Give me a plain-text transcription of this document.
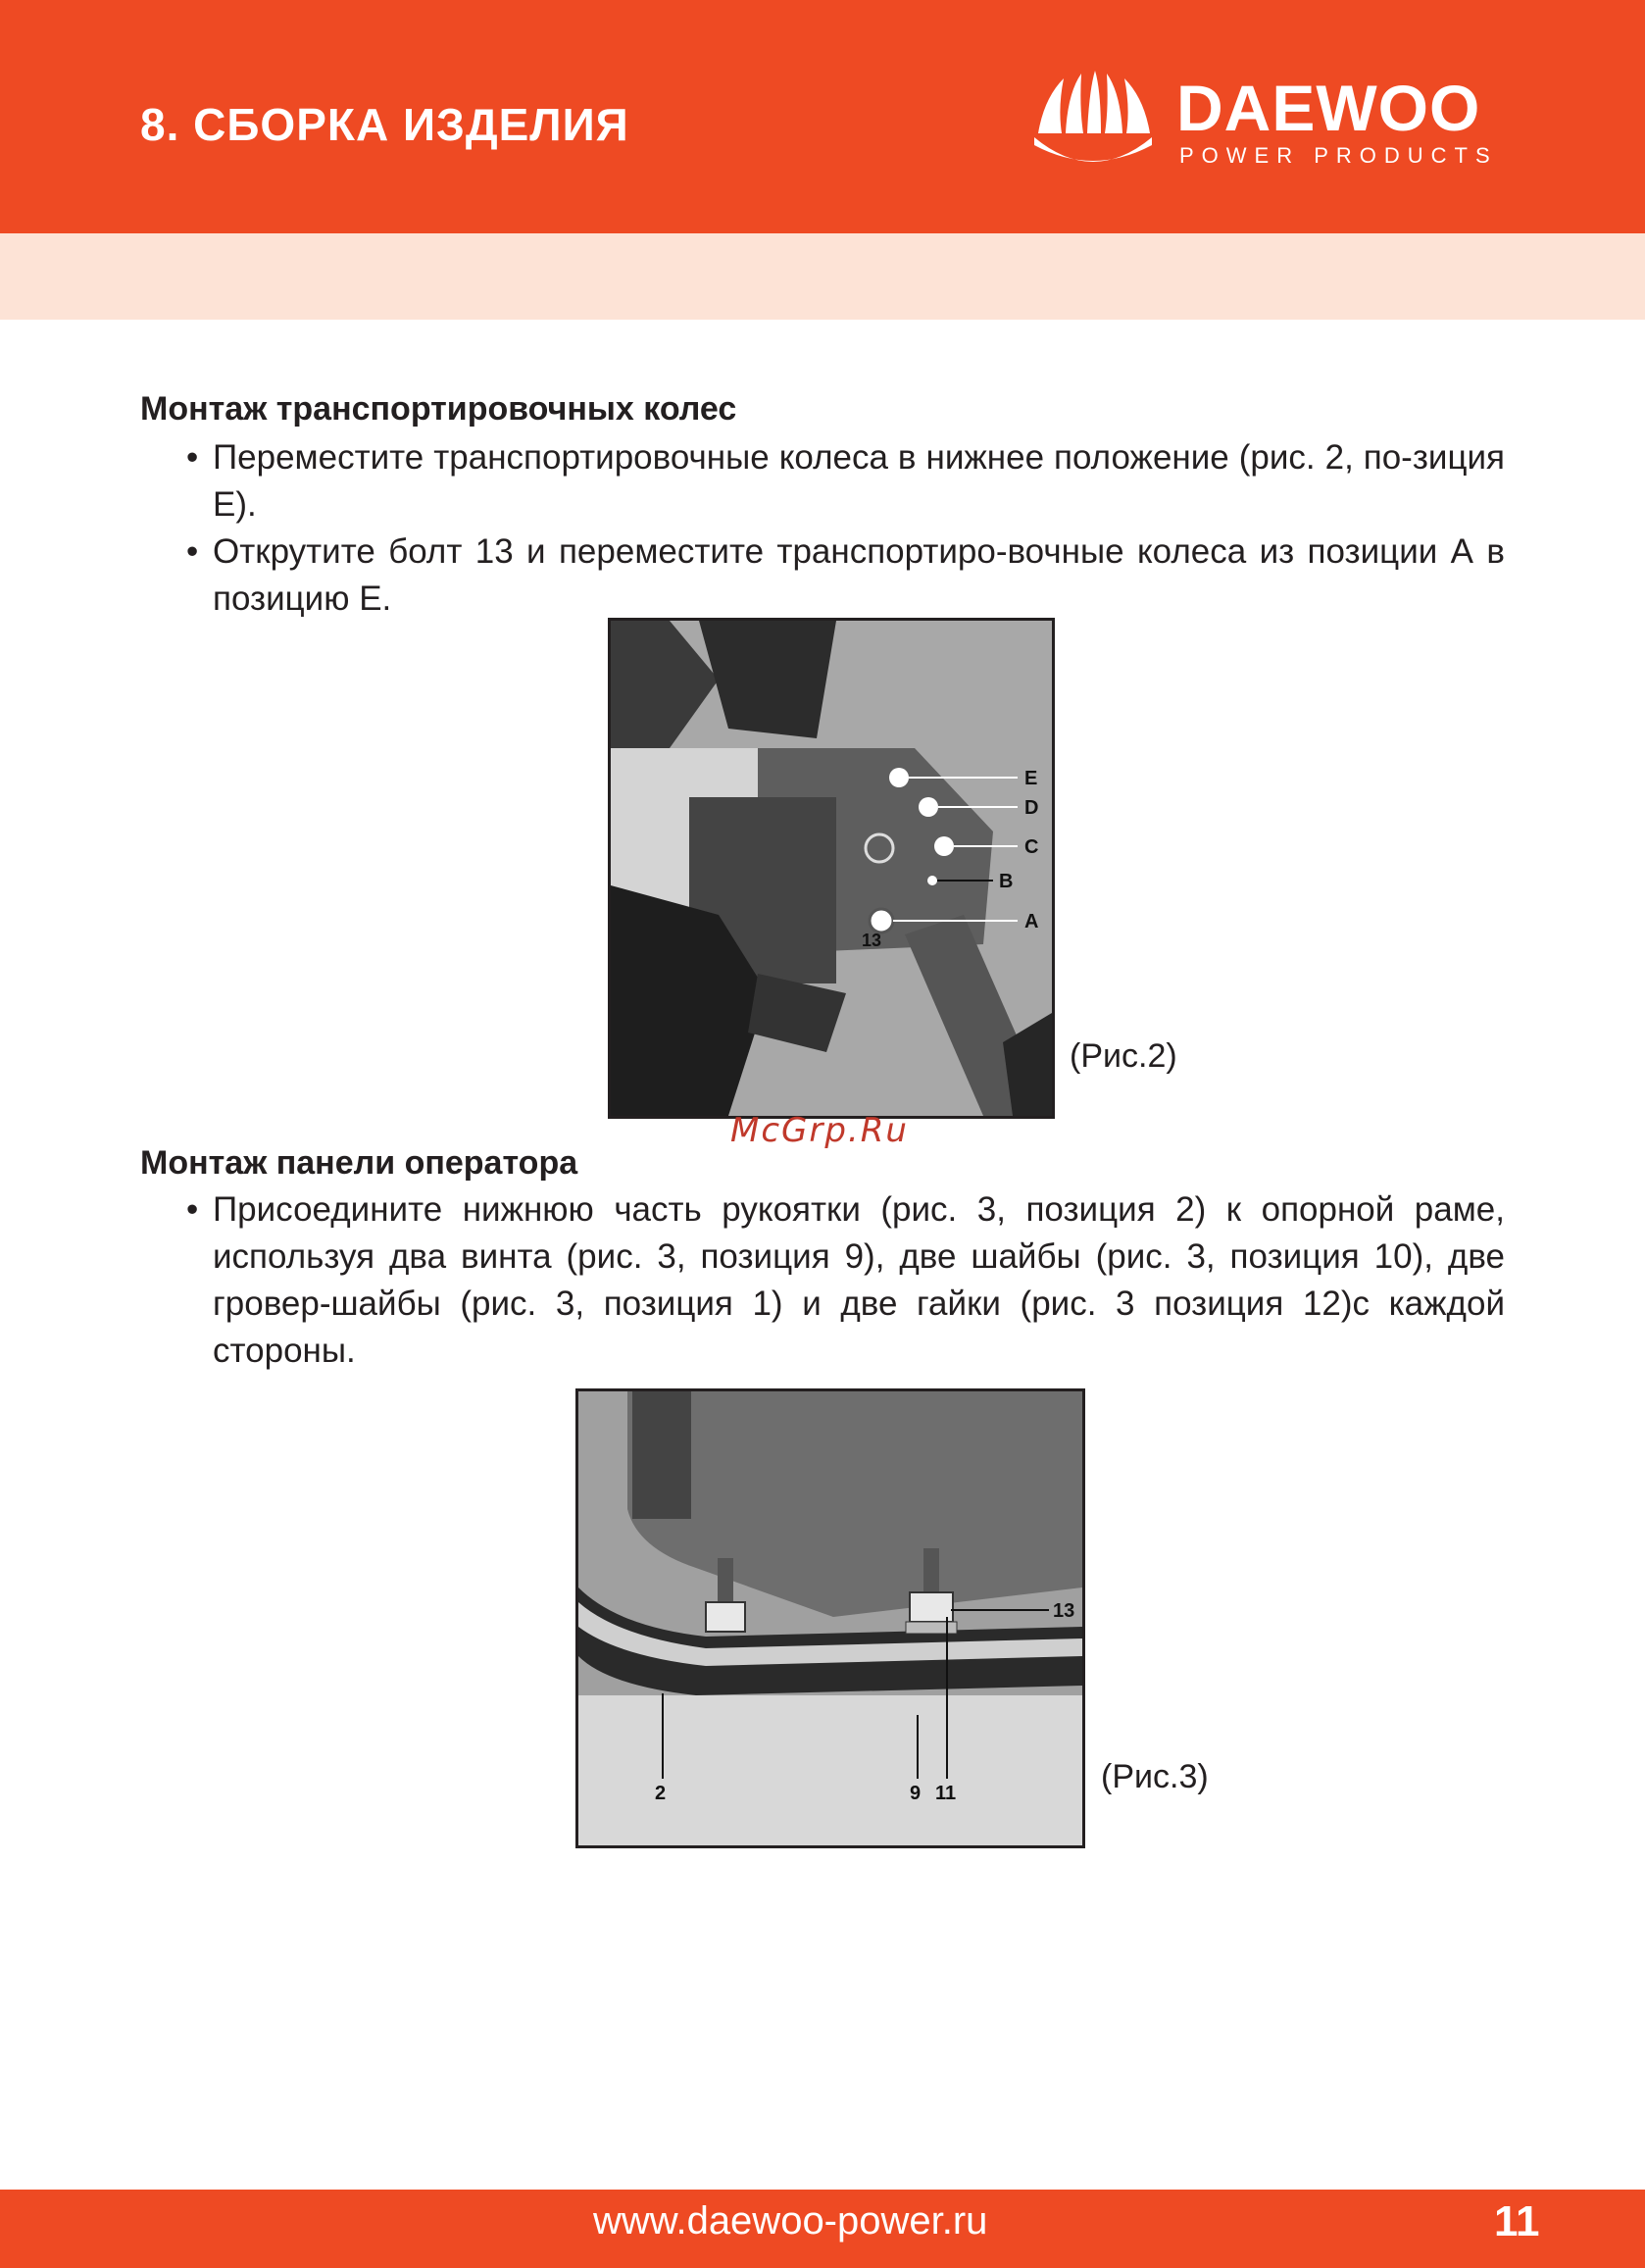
8. СБОРКА ИЗДЕЛИЯ	DAEWOO
POWER PRODUCTS
Монтаж транспортировочных колес
• Переместите транспортировочные колеса в нижнее положение (рис. 2, по-зиция Е).
• Открутите болт 13 и переместите транспортиро-вочные колеса из позиции А в позицию Е.
E
D
C
B
A
13
(Рис.2)
McGrp.Ru
Монтаж панели оператора
• Присоедините нижнюю часть рукоятки (рис. 3, позиция 2) к опорной раме, используя два винта (рис. 3, позиция 9), две шайбы (рис. 3, позиция 10), две гровер-шайбы (рис. 3, позиция 1) и две гайки (рис. 3 позиция 12)с каждой стороны.
13
2	9 11	(Рис.3)
www.daewoo-power.ru	11
